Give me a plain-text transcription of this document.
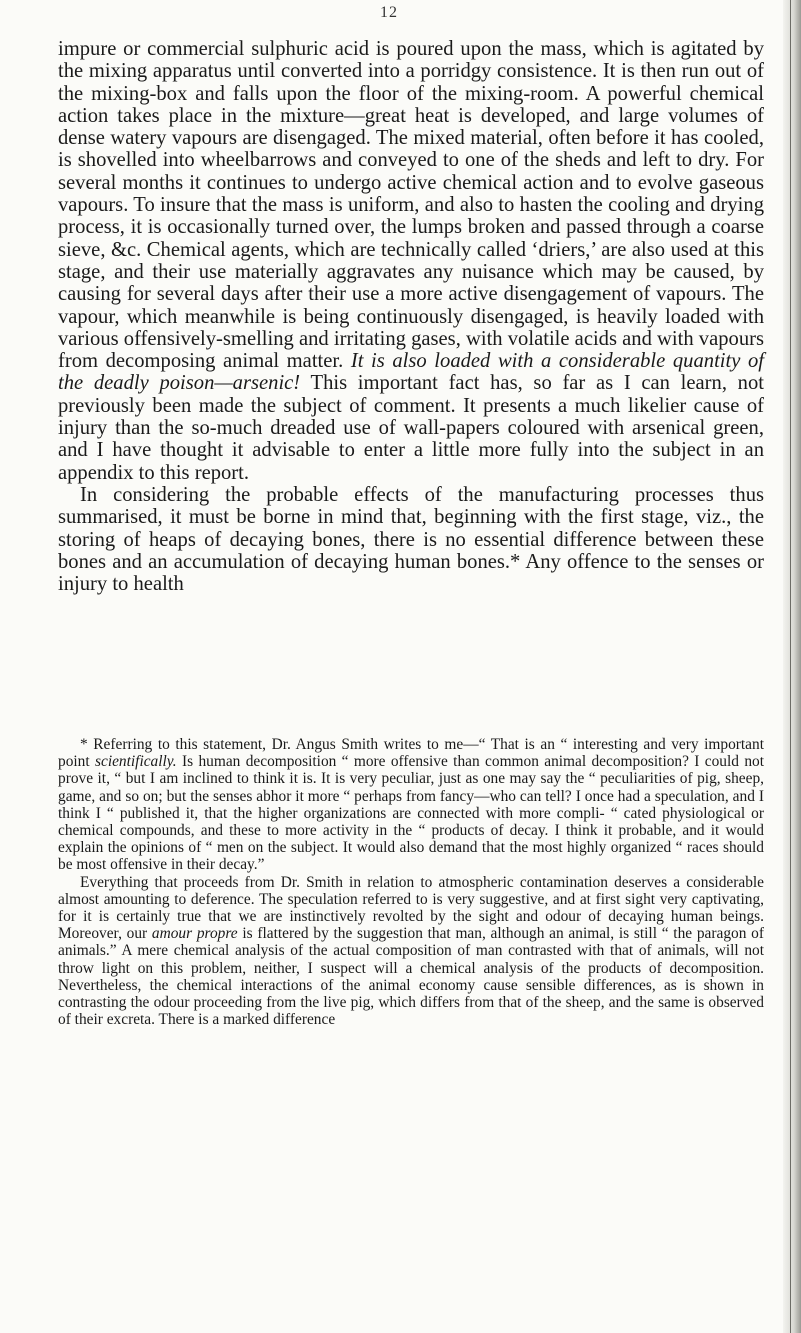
12

impure or commercial sulphuric acid is poured upon the mass, which is agitated by the mixing apparatus until converted into a porridgy consistence. It is then run out of the mixing-box and falls upon the floor of the mixing-room. A powerful chemical action takes place in the mixture—great heat is developed, and large volumes of dense watery vapours are disengaged. The mixed material, often before it has cooled, is shovelled into wheelbarrows and conveyed to one of the sheds and left to dry. For several months it continues to undergo active chemical action and to evolve gaseous vapours. To insure that the mass is uniform, and also to hasten the cooling and drying process, it is occasionally turned over, the lumps broken and passed through a coarse sieve, &c. Chemical agents, which are technically called ‘driers,’ are also used at this stage, and their use materially aggravates any nuisance which may be caused, by causing for several days after their use a more active disengagement of vapours. The vapour, which meanwhile is being continuously disengaged, is heavily loaded with various offensively-smelling and irritating gases, with volatile acids and with vapours from decomposing animal matter. It is also loaded with a considerable quantity of the deadly poison—arsenic! This important fact has, so far as I can learn, not previously been made the subject of comment. It presents a much likelier cause of injury than the so-much dreaded use of wall-papers coloured with arsenical green, and I have thought it advisable to enter a little more fully into the subject in an appendix to this report.

In considering the probable effects of the manufacturing processes thus summarised, it must be borne in mind that, beginning with the first stage, viz., the storing of heaps of decaying bones, there is no essential difference between these bones and an accumulation of decaying human bones.* Any offence to the senses or injury to health

* Referring to this statement, Dr. Angus Smith writes to me—“ That is an “ interesting and very important point scientifically. Is human decomposition “ more offensive than common animal decomposition? I could not prove it, “ but I am inclined to think it is. It is very peculiar, just as one may say the “ peculiarities of pig, sheep, game, and so on; but the senses abhor it more “ perhaps from fancy—who can tell? I once had a speculation, and I think I “ published it, that the higher organizations are connected with more compli- “ cated physiological or chemical compounds, and these to more activity in the “ products of decay. I think it probable, and it would explain the opinions of “ men on the subject. It would also demand that the most highly organized “ races should be most offensive in their decay.”

Everything that proceeds from Dr. Smith in relation to atmospheric contamination deserves a considerable almost amounting to deference. The speculation referred to is very suggestive, and at first sight very captivating, for it is certainly true that we are instinctively revolted by the sight and odour of decaying human beings. Moreover, our amour propre is flattered by the suggestion that man, although an animal, is still “ the paragon of animals.” A mere chemical analysis of the actual composition of man contrasted with that of animals, will not throw light on this problem, neither, I suspect will a chemical analysis of the products of decomposition. Nevertheless, the chemical interactions of the animal economy cause sensible differences, as is shown in contrasting the odour proceeding from the live pig, which differs from that of the sheep, and the same is observed of their excreta. There is a marked difference
